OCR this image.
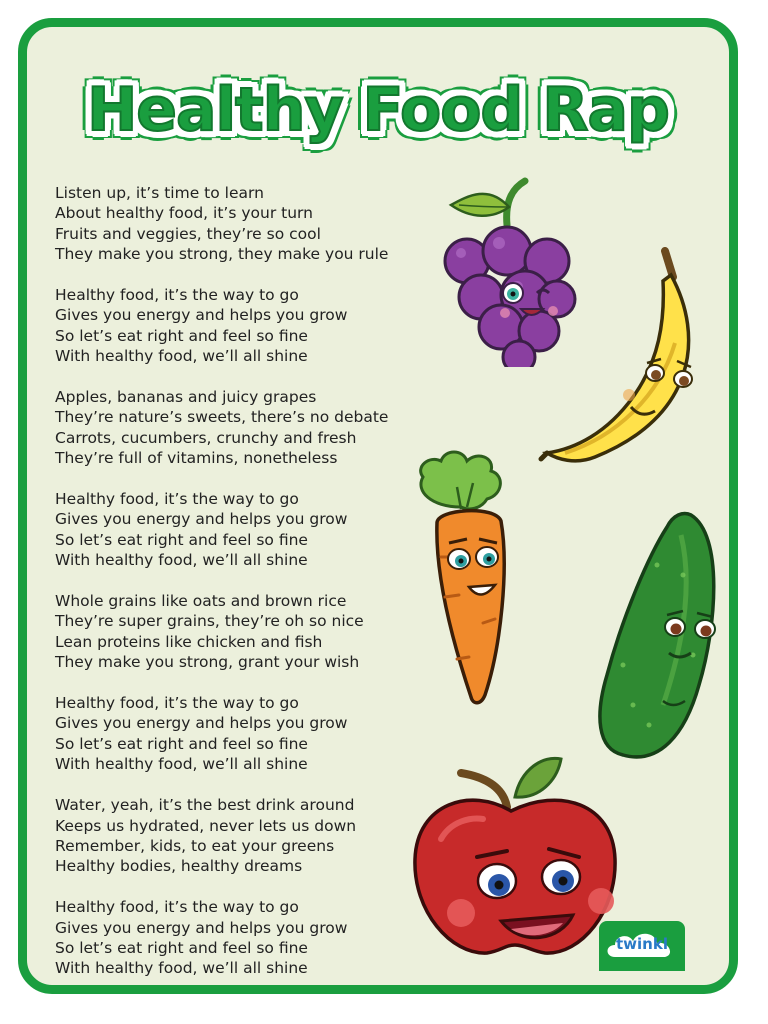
Healthy Food Rap
Listen up, it’s time to learn
About healthy food, it’s your turn
Fruits and veggies, they’re so cool
They make you strong, they make you rule
Healthy food, it’s the way to go
Gives you energy and helps you grow
So let’s eat right and feel so fine
With healthy food, we’ll all shine
Apples, bananas and juicy grapes
They’re nature’s sweets, there’s no debate
Carrots, cucumbers, crunchy and fresh
They’re full of vitamins, nonetheless
Healthy food, it’s the way to go
Gives you energy and helps you grow
So let’s eat right and feel so fine
With healthy food, we’ll all shine
Whole grains like oats and brown rice
They’re super grains, they’re oh so nice
Lean proteins like chicken and fish
They make you strong, grant your wish
Healthy food, it’s the way to go
Gives you energy and helps you grow
So let’s eat right and feel so fine
With healthy food, we’ll all shine
Water, yeah, it’s the best drink around
Keeps us hydrated, never lets us down
Remember, kids, to eat your greens
Healthy bodies, healthy dreams
Healthy food, it’s the way to go
Gives you energy and helps you grow
So let’s eat right and feel so fine
With healthy food, we’ll all shine
twinkl
